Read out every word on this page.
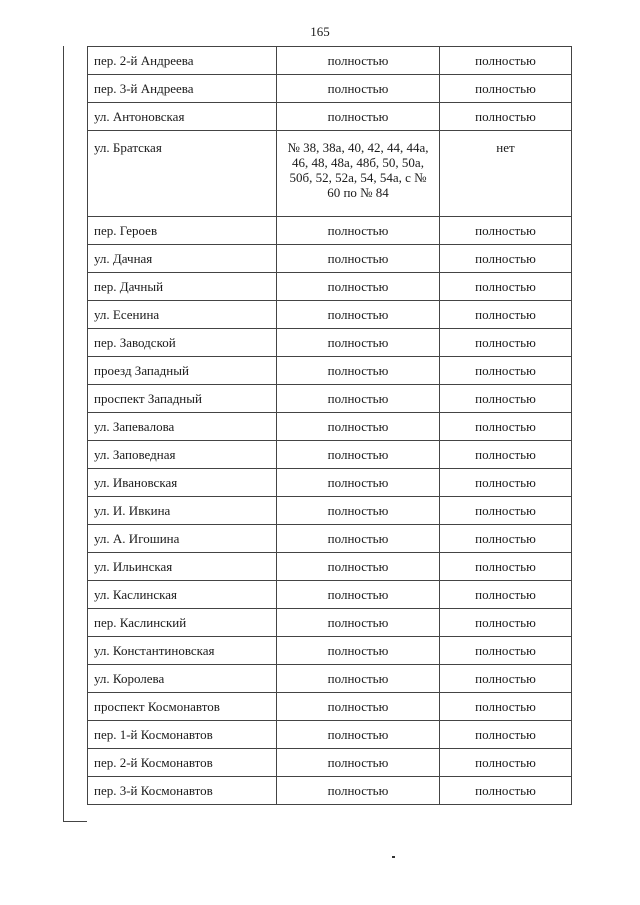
165
пер. 2-й Андреева	полностью	полностью
пер. 3-й Андреева	полностью	полностью
ул. Антоновская	полностью	полностью
ул. Братская	№ 38, 38а, 40, 42, 44, 44а, 46, 48, 48а, 48б, 50, 50а, 50б, 52, 52а, 54, 54а, с № 60 по № 84	нет
пер. Героев	полностью	полностью
ул. Дачная	полностью	полностью
пер. Дачный	полностью	полностью
ул. Есенина	полностью	полностью
пер. Заводской	полностью	полностью
проезд Западный	полностью	полностью
проспект Западный	полностью	полностью
ул. Запевалова	полностью	полностью
ул. Заповедная	полностью	полностью
ул. Ивановская	полностью	полностью
ул. И. Ивкина	полностью	полностью
ул. А. Игошина	полностью	полностью
ул. Ильинская	полностью	полностью
ул. Каслинская	полностью	полностью
пер. Каслинский	полностью	полностью
ул. Константиновская	полностью	полностью
ул. Королева	полностью	полностью
проспект Космонавтов	полностью	полностью
пер. 1-й Космонавтов	полностью	полностью
пер. 2-й Космонавтов	полностью	полностью
пер. 3-й Космонавтов	полностью	полностью
